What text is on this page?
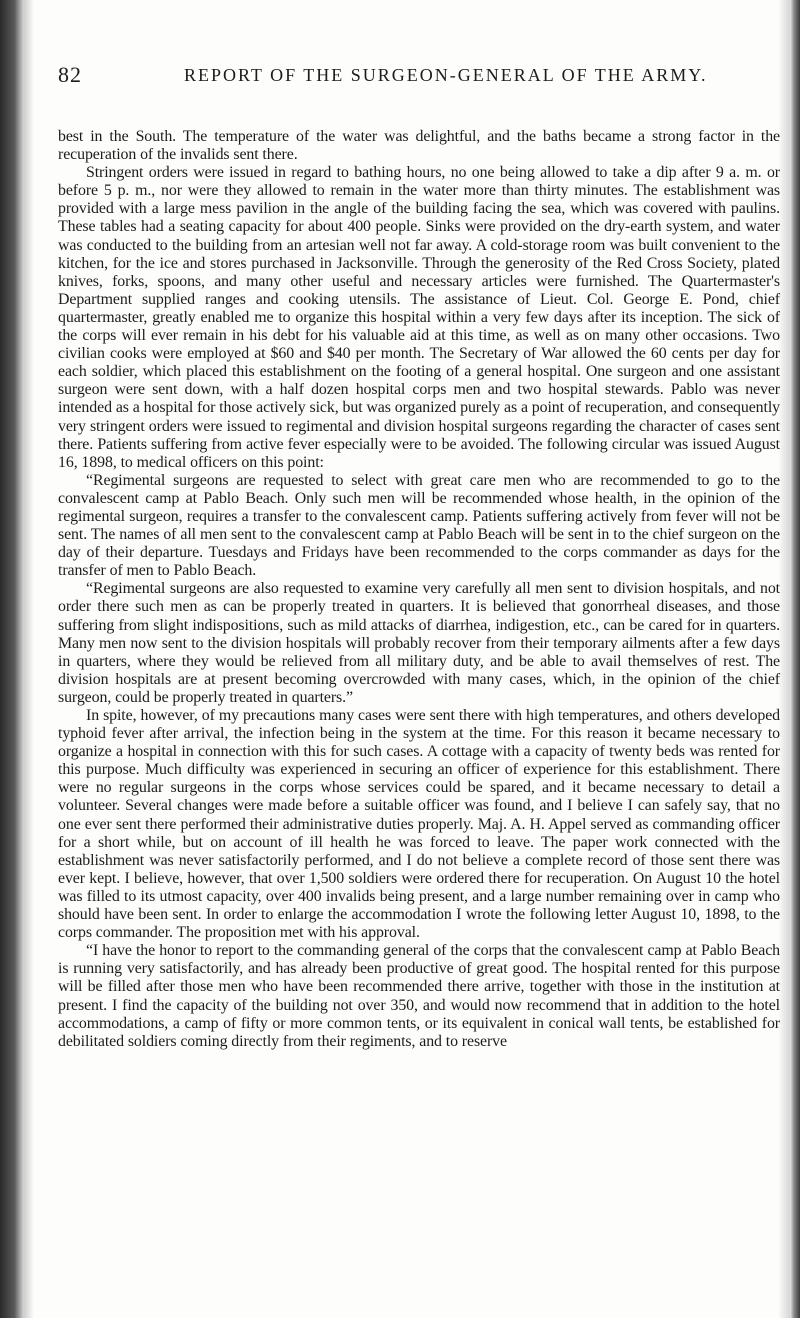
82	REPORT OF THE SURGEON-GENERAL OF THE ARMY.

best in the South. The temperature of the water was delightful, and the baths became a strong factor in the recuperation of the invalids sent there.

Stringent orders were issued in regard to bathing hours, no one being allowed to take a dip after 9 a. m. or before 5 p. m., nor were they allowed to remain in the water more than thirty minutes. The establishment was provided with a large mess pavilion in the angle of the building facing the sea, which was covered with paulins. These tables had a seating capacity for about 400 people. Sinks were provided on the dry-earth system, and water was conducted to the building from an artesian well not far away. A cold-storage room was built convenient to the kitchen, for the ice and stores purchased in Jacksonville. Through the generosity of the Red Cross Society, plated knives, forks, spoons, and many other useful and necessary articles were furnished. The Quartermaster's Department supplied ranges and cooking utensils. The assistance of Lieut. Col. George E. Pond, chief quartermaster, greatly enabled me to organize this hospital within a very few days after its inception. The sick of the corps will ever remain in his debt for his valuable aid at this time, as well as on many other occasions. Two civilian cooks were employed at $60 and $40 per month. The Secretary of War allowed the 60 cents per day for each soldier, which placed this establishment on the footing of a general hospital. One surgeon and one assistant surgeon were sent down, with a half dozen hospital corps men and two hospital stewards. Pablo was never intended as a hospital for those actively sick, but was organized purely as a point of recuperation, and consequently very stringent orders were issued to regimental and division hospital surgeons regarding the character of cases sent there. Patients suffering from active fever especially were to be avoided. The following circular was issued August 16, 1898, to medical officers on this point:

“Regimental surgeons are requested to select with great care men who are recommended to go to the convalescent camp at Pablo Beach. Only such men will be recommended whose health, in the opinion of the regimental surgeon, requires a transfer to the convalescent camp. Patients suffering actively from fever will not be sent. The names of all men sent to the convalescent camp at Pablo Beach will be sent in to the chief surgeon on the day of their departure. Tuesdays and Fridays have been recommended to the corps commander as days for the transfer of men to Pablo Beach.

“Regimental surgeons are also requested to examine very carefully all men sent to division hospitals, and not order there such men as can be properly treated in quarters. It is believed that gonorrheal diseases, and those suffering from slight indispositions, such as mild attacks of diarrhea, indigestion, etc., can be cared for in quarters. Many men now sent to the division hospitals will probably recover from their temporary ailments after a few days in quarters, where they would be relieved from all military duty, and be able to avail themselves of rest. The division hospitals are at present becoming overcrowded with many cases, which, in the opinion of the chief surgeon, could be properly treated in quarters.”

In spite, however, of my precautions many cases were sent there with high temperatures, and others developed typhoid fever after arrival, the infection being in the system at the time. For this reason it became necessary to organize a hospital in connection with this for such cases. A cottage with a capacity of twenty beds was rented for this purpose. Much difficulty was experienced in securing an officer of experience for this establishment. There were no regular surgeons in the corps whose services could be spared, and it became necessary to detail a volunteer. Several changes were made before a suitable officer was found, and I believe I can safely say, that no one ever sent there performed their administrative duties properly. Maj. A. H. Appel served as commanding officer for a short while, but on account of ill health he was forced to leave. The paper work connected with the establishment was never satisfactorily performed, and I do not believe a complete record of those sent there was ever kept. I believe, however, that over 1,500 soldiers were ordered there for recuperation. On August 10 the hotel was filled to its utmost capacity, over 400 invalids being present, and a large number remaining over in camp who should have been sent. In order to enlarge the accommodation I wrote the following letter August 10, 1898, to the corps commander. The proposition met with his approval.

“I have the honor to report to the commanding general of the corps that the convalescent camp at Pablo Beach is running very satisfactorily, and has already been productive of great good. The hospital rented for this purpose will be filled after those men who have been recommended there arrive, together with those in the institution at present. I find the capacity of the building not over 350, and would now recommend that in addition to the hotel accommodations, a camp of fifty or more common tents, or its equivalent in conical wall tents, be established for debilitated soldiers coming directly from their regiments, and to reserve
